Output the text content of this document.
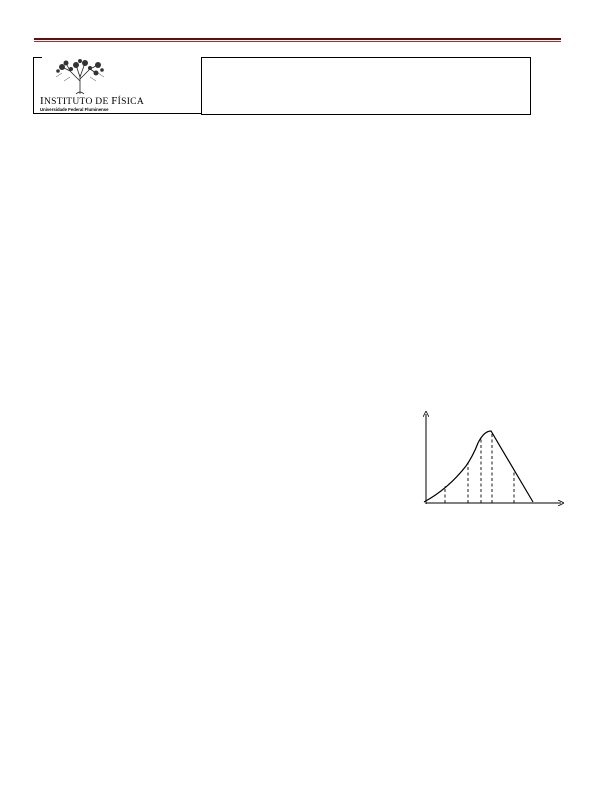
INSTITUTO DE FÍSICA
Universidade Federal Fluminense
